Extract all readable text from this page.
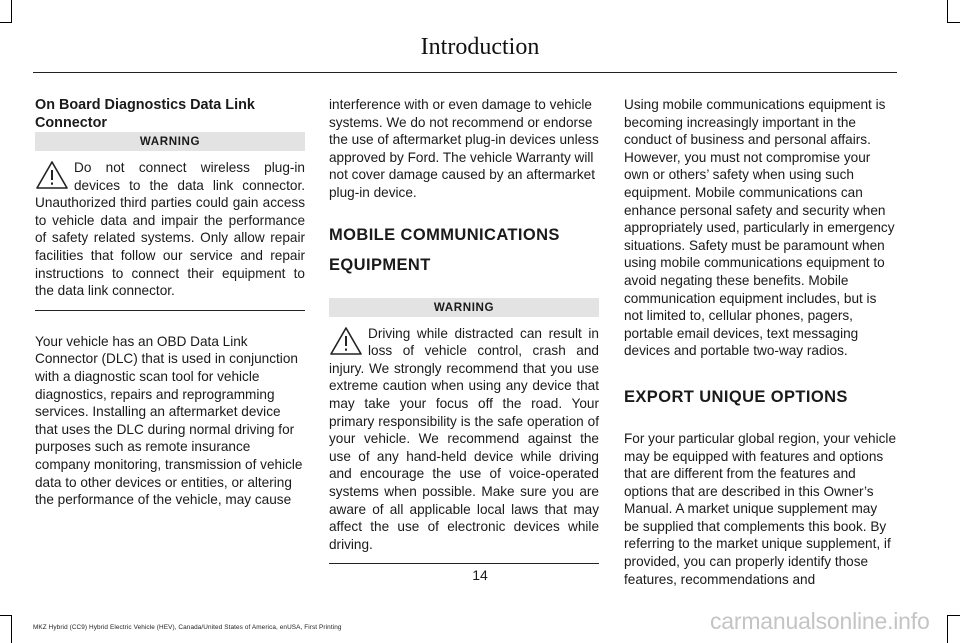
Introduction

On Board Diagnostics Data Link Connector

WARNING

Do not connect wireless plug-in devices to the data link connector. Unauthorized third parties could gain access to vehicle data and impair the performance of safety related systems. Only allow repair facilities that follow our service and repair instructions to connect their equipment to the data link connector.

Your vehicle has an OBD Data Link Connector (DLC) that is used in conjunction with a diagnostic scan tool for vehicle diagnostics, repairs and reprogramming services. Installing an aftermarket device that uses the DLC during normal driving for purposes such as remote insurance company monitoring, transmission of vehicle data to other devices or entities, or altering the performance of the vehicle, may cause

interference with or even damage to vehicle systems. We do not recommend or endorse the use of aftermarket plug-in devices unless approved by Ford. The vehicle Warranty will not cover damage caused by an aftermarket plug-in device.

MOBILE COMMUNICATIONS

EQUIPMENT

WARNING

Driving while distracted can result in loss of vehicle control, crash and injury. We strongly recommend that you use extreme caution when using any device that may take your focus off the road. Your primary responsibility is the safe operation of your vehicle. We recommend against the use of any hand-held device while driving and encourage the use of voice-operated systems when possible. Make sure you are aware of all applicable local laws that may affect the use of electronic devices while driving.

Using mobile communications equipment is becoming increasingly important in the conduct of business and personal affairs. However, you must not compromise your own or others’ safety when using such equipment. Mobile communications can enhance personal safety and security when appropriately used, particularly in emergency situations. Safety must be paramount when using mobile communications equipment to avoid negating these benefits. Mobile communication equipment includes, but is not limited to, cellular phones, pagers, portable email devices, text messaging devices and portable two-way radios.

EXPORT UNIQUE OPTIONS

For your particular global region, your vehicle may be equipped with features and options that are different from the features and options that are described in this Owner’s Manual. A market unique supplement may be supplied that complements this book. By referring to the market unique supplement, if provided, you can properly identify those features, recommendations and

14
MKZ Hybrid (CC9) Hybrid Electric Vehicle (HEV), Canada/United States of America, enUSA, First Printing	carmanualsonline.info
